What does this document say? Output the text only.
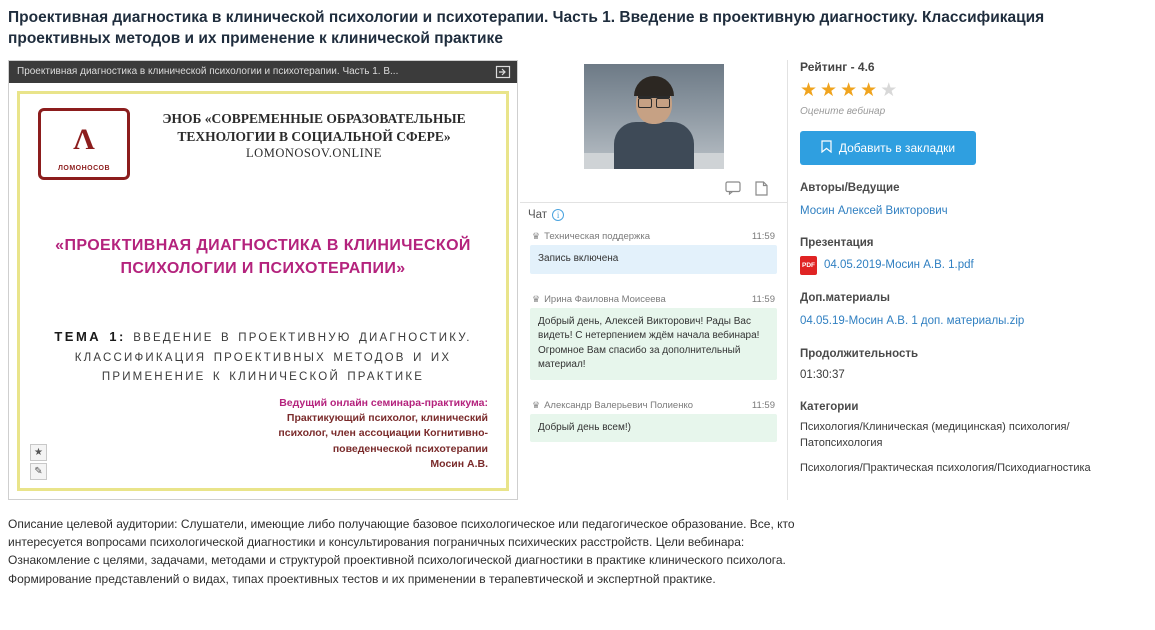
Проективная диагностика в клинической психологии и психотерапии. Часть 1. Введение в проективную диагностику. Классификация проективных методов и их применение к клинической практике
Проективная диагностика в клинической психологии и психотерапии. Часть 1. В...
Λ
ЛОМОНОСОВ
ЭНОБ «СОВРЕМЕННЫЕ ОБРАЗОВАТЕЛЬНЫЕ
ТЕХНОЛОГИИ В СОЦИАЛЬНОЙ СФЕРЕ»
LOMONOSOV.ONLINE
«ПРОЕКТИВНАЯ ДИАГНОСТИКА В КЛИНИЧЕСКОЙ ПСИХОЛОГИИ И ПСИХОТЕРАПИИ»
ТЕМА 1: ВВЕДЕНИЕ В ПРОЕКТИВНУЮ ДИАГНОСТИКУ. КЛАССИФИКАЦИЯ ПРОЕКТИВНЫХ МЕТОДОВ И ИХ ПРИМЕНЕНИЕ К КЛИНИЧЕСКОЙ ПРАКТИКЕ
Ведущий онлайн семинара-практикума:
Практикующий психолог, клинический
психолог, член ассоциации Когнитивно-
поведенческой психотерапии
Мосин А.В.
★
✎
Чат	i
♛ Техническая поддержка	11:59
Запись включена
♛ Ирина Фаиловна Моисеева	11:59
Добрый день, Алексей Викторович! Рады Вас видеть! С нетерпением ждём начала вебинара! Огромное Вам спасибо за дополнительный материал!
♛ Александр Валерьевич Полиенко	11:59
Добрый день всем!)
Рейтинг - 4.6
★★★★★
Оцените вебинар
Добавить в закладки
Авторы/Ведущие
Мосин Алексей Викторович
Презентация
PDF 04.05.2019-Мосин А.В. 1.pdf
Доп.материалы
04.05.19-Мосин А.В. 1 доп. материалы.zip
Продолжительность
01:30:37
Категории
Психология/Клиническая (медицинская) психология/Патопсихология
Психология/Практическая психология/Психодиагностика
Описание целевой аудитории: Слушатели, имеющие либо получающие базовое психологическое или педагогическое образование. Все, кто интересуется вопросами психологической диагностики и консультирования пограничных психических расстройств. Цели вебинара: Ознакомление с целями, задачами, методами и структурой проективной психологической диагностики в практике клинического психолога. Формирование представлений о видах, типах проективных тестов и их применении в терапевтической и экспертной практике.
